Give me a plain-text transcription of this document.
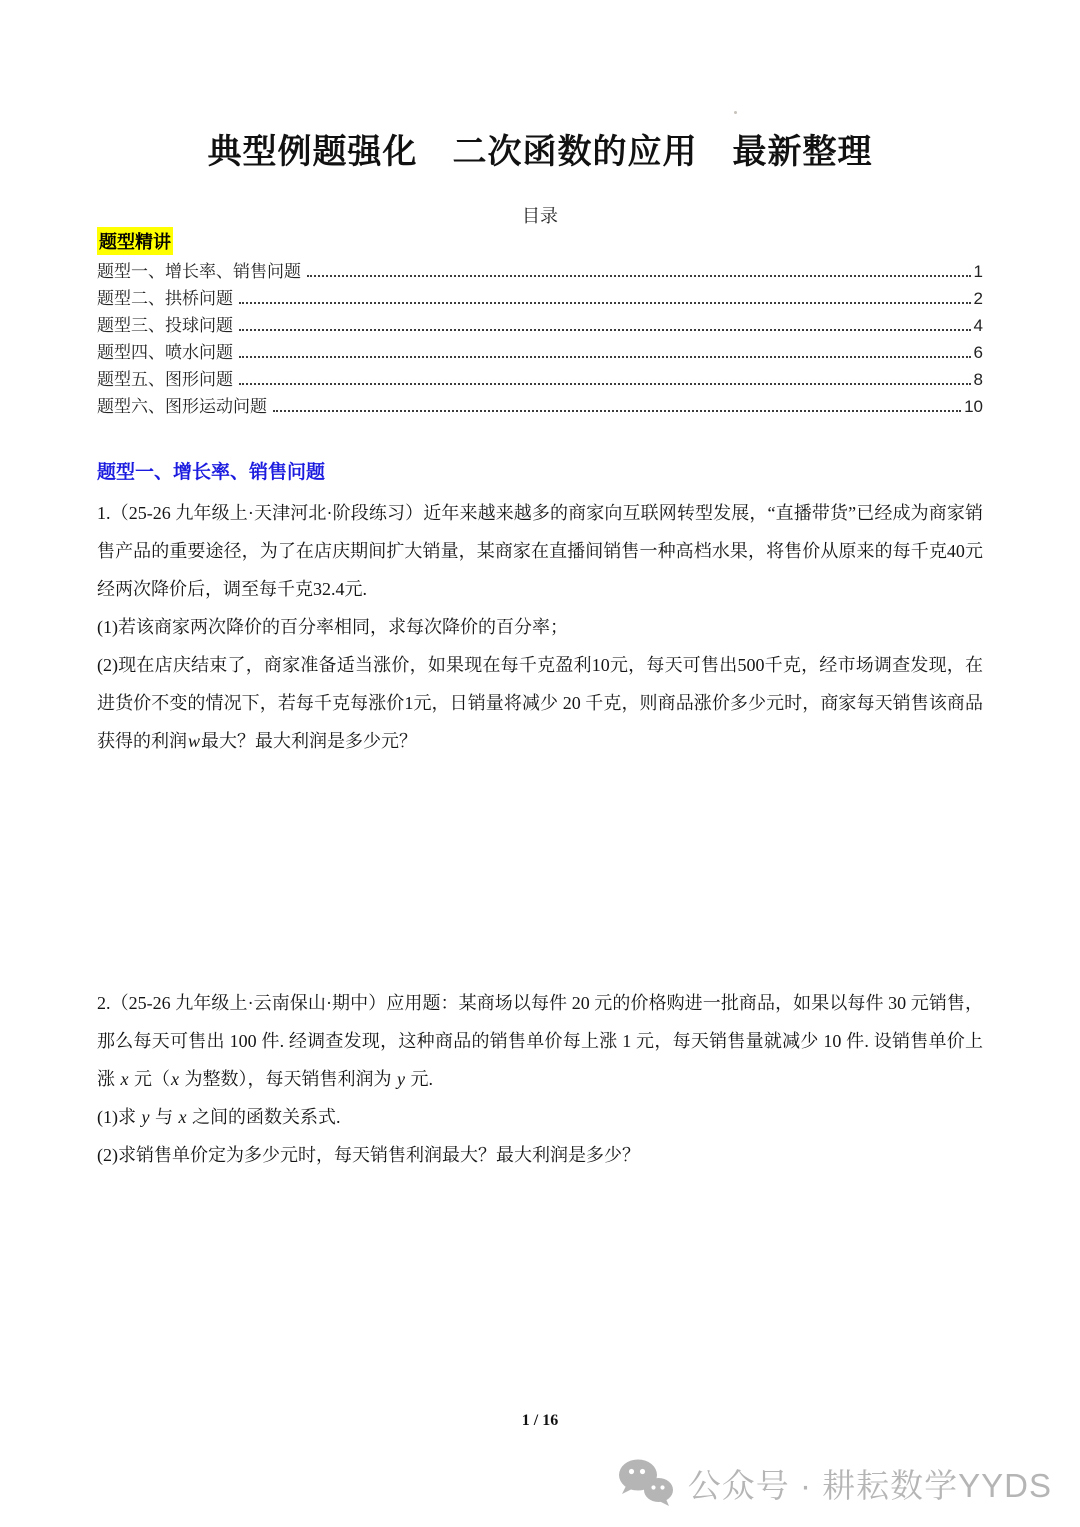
典型例题强化　二次函数的应用　最新整理
目录
题型精讲
题型一、增长率、销售问题	1
题型二、拱桥问题	2
题型三、投球问题	4
题型四、喷水问题	6
题型五、图形问题	8
题型六、图形运动问题	10
题型一、增长率、销售问题

1.（25-26 九年级上·天津河北·阶段练习）近年来越来越多的商家向互联网转型发展，“直播带货”已经成为商家销售产品的重要途径，为了在店庆期间扩大销量，某商家在直播间销售一种高档水果，将售价从原来的每千克40元经两次降价后，调至每千克32.4元.

(1)若该商家两次降价的百分率相同，求每次降价的百分率；

(2)现在店庆结束了，商家准备适当涨价，如果现在每千克盈利10元，每天可售出500千克，经市场调查发现，在进货价不变的情况下，若每千克每涨价1元，日销量将减少 20 千克，则商品涨价多少元时，商家每天销售该商品获得的利润w最大？最大利润是多少元？

2.（25-26 九年级上·云南保山·期中）应用题：某商场以每件 20 元的价格购进一批商品，如果以每件 30 元销售，那么每天可售出 100 件. 经调查发现，这种商品的销售单价每上涨 1 元，每天销售量就减少 10 件. 设销售单价上涨 x 元（x 为整数），每天销售利润为 y 元.

(1)求 y 与 x 之间的函数关系式.

(2)求销售单价定为多少元时，每天销售利润最大？最大利润是多少？

1 / 16
公众号 · 耕耘数学YYDS
